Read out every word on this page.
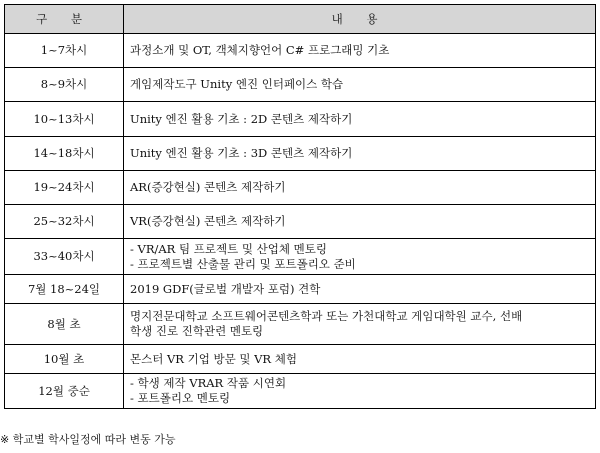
구 분	내 용
1~7차시	과정소개 및 OT, 객체지향언어 C# 프로그래밍 기초

8~9차시	게임제작도구 Unity 엔진 인터페이스 학습

10~13차시	Unity 엔진 활용 기초 : 2D 콘텐츠 제작하기

14~18차시	Unity 엔진 활용 기초 : 3D 콘텐츠 제작하기

19~24차시	AR(증강현실) 콘텐츠 제작하기

25~32차시	VR(증강현실) 콘텐츠 제작하기

33~40차시	- VR/AR 팀 프로젝트 및 산업체 멘토링
- 프로젝트별 산출물 관리 및 포트폴리오 준비

7월 18~24일	2019 GDF(글로벌 개발자 포럼) 견학

8월 초	명지전문대학교 소프트웨어콘텐츠학과 또는 가천대학교 게임대학원 교수, 선배
학생 진로 진학관련 멘토링

10월 초	몬스터 VR 기업 방문 및 VR 체험

12월 중순	- 학생 제작 VRAR 작품 시연회
- 포트폴리오 멘토링
※ 학교별 학사일정에 따라 변동 가능
